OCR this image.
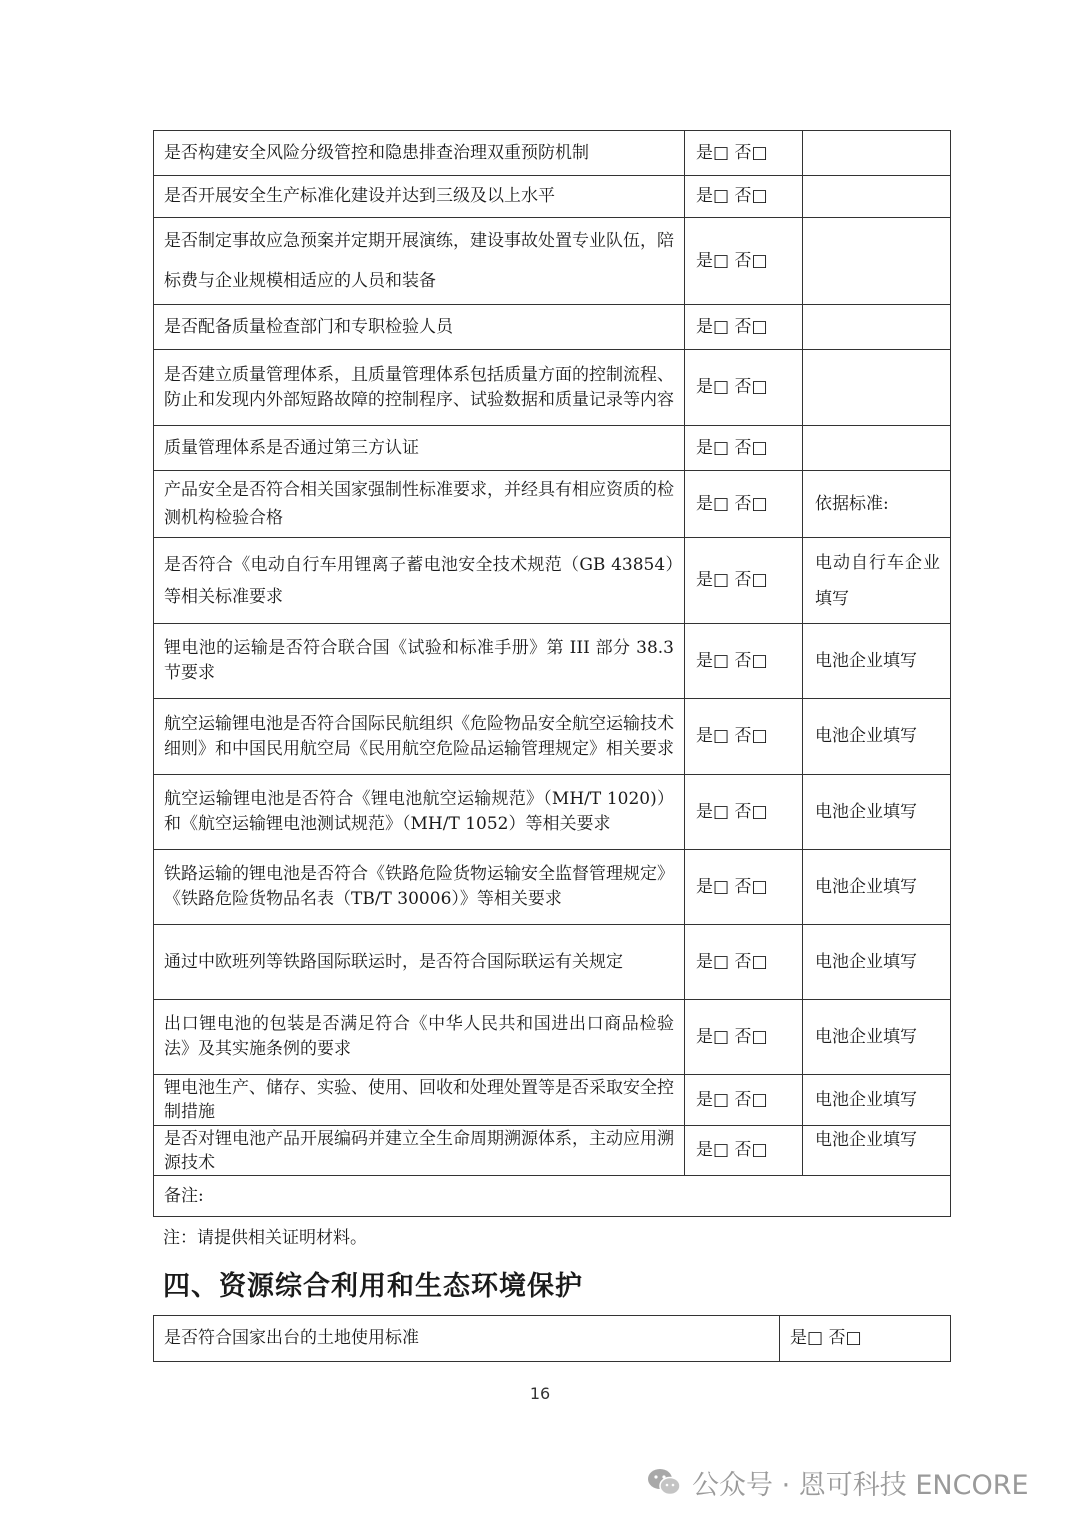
是否构建安全风险分级管控和隐患排查治理双重预防机制	是□ 否□	
是否开展安全生产标准化建设并达到三级及以上水平	是□ 否□	
是否制定事故应急预案并定期开展演练，建设事故处置专业队伍，陪标费与企业规模相适应的人员和装备	是□ 否□	
是否配备质量检查部门和专职检验人员	是□ 否□	
是否建立质量管理体系，且质量管理体系包括质量方面的控制流程、防止和发现内外部短路故障的控制程序、试验数据和质量记录等内容	是□ 否□	
质量管理体系是否通过第三方认证	是□ 否□	
产品安全是否符合相关国家强制性标准要求，并经具有相应资质的检测机构检验合格	是□ 否□	依据标准:
是否符合《电动自行车用锂离子蓄电池安全技术规范（GB 43854）等相关标准要求	是□ 否□	电动自行车企业填写
锂电池的运输是否符合联合国《试验和标准手册》第 III 部分 38.3 节要求	是□ 否□	电池企业填写
航空运输锂电池是否符合国际民航组织《危险物品安全航空运输技术细则》和中国民用航空局《民用航空危险品运输管理规定》相关要求	是□ 否□	电池企业填写
航空运输锂电池是否符合《锂电池航空运输规范》（MH/T 1020)）和《航空运输锂电池测试规范》（MH/T 1052）等相关要求	是□ 否□	电池企业填写
铁路运输的锂电池是否符合《铁路危险货物运输安全监督管理规定》《铁路危险货物品名表（TB/T 30006）》等相关要求	是□ 否□	电池企业填写
通过中欧班列等铁路国际联运时，是否符合国际联运有关规定	是□ 否□	电池企业填写
出口锂电池的包装是否满足符合《中华人民共和国进出口商品检验法》及其实施条例的要求	是□ 否□	电池企业填写
锂电池生产、储存、实验、使用、回收和处理处置等是否采取安全控制措施	是□ 否□	电池企业填写
是否对锂电池产品开展编码并建立全生命周期溯源体系，主动应用溯源技术	是□ 否□	电池企业填写
备注:		
注：请提供相关证明材料。
四、资源综合利用和生态环境保护
是否符合国家出台的土地使用标准	是□ 否□
16
公众号 · 恩可科技 ENCORE
